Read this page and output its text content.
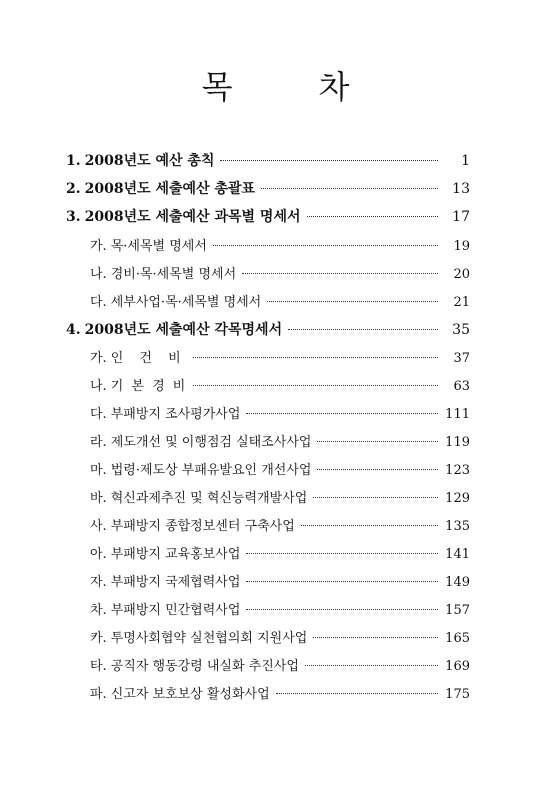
목	차
1. 2008년도 예산 총칙	1
2. 2008년도 세출예산 총괄표	13
3. 2008년도 세출예산 과목별 명세서	17
가. 목·세목별 명세서	19
나. 경비·목·세목별 명세서	20
다. 세부사업·목·세목별 명세서	21
4. 2008년도 세출예산 각목명세서	35
가. 인 건 비	37
나. 기 본 경 비	63
다. 부패방지 조사평가사업	111
라. 제도개선 및 이행점검 실태조사사업	119
마. 법령·제도상 부패유발요인 개선사업	123
바. 혁신과제추진 및 혁신능력개발사업	129
사. 부패방지 종합정보센터 구축사업	135
아. 부패방지 교육홍보사업	141
자. 부패방지 국제협력사업	149
차. 부패방지 민간협력사업	157
카. 투명사회협약 실천협의회 지원사업	165
타. 공직자 행동강령 내실화 추진사업	169
파. 신고자 보호보상 활성화사업	175
